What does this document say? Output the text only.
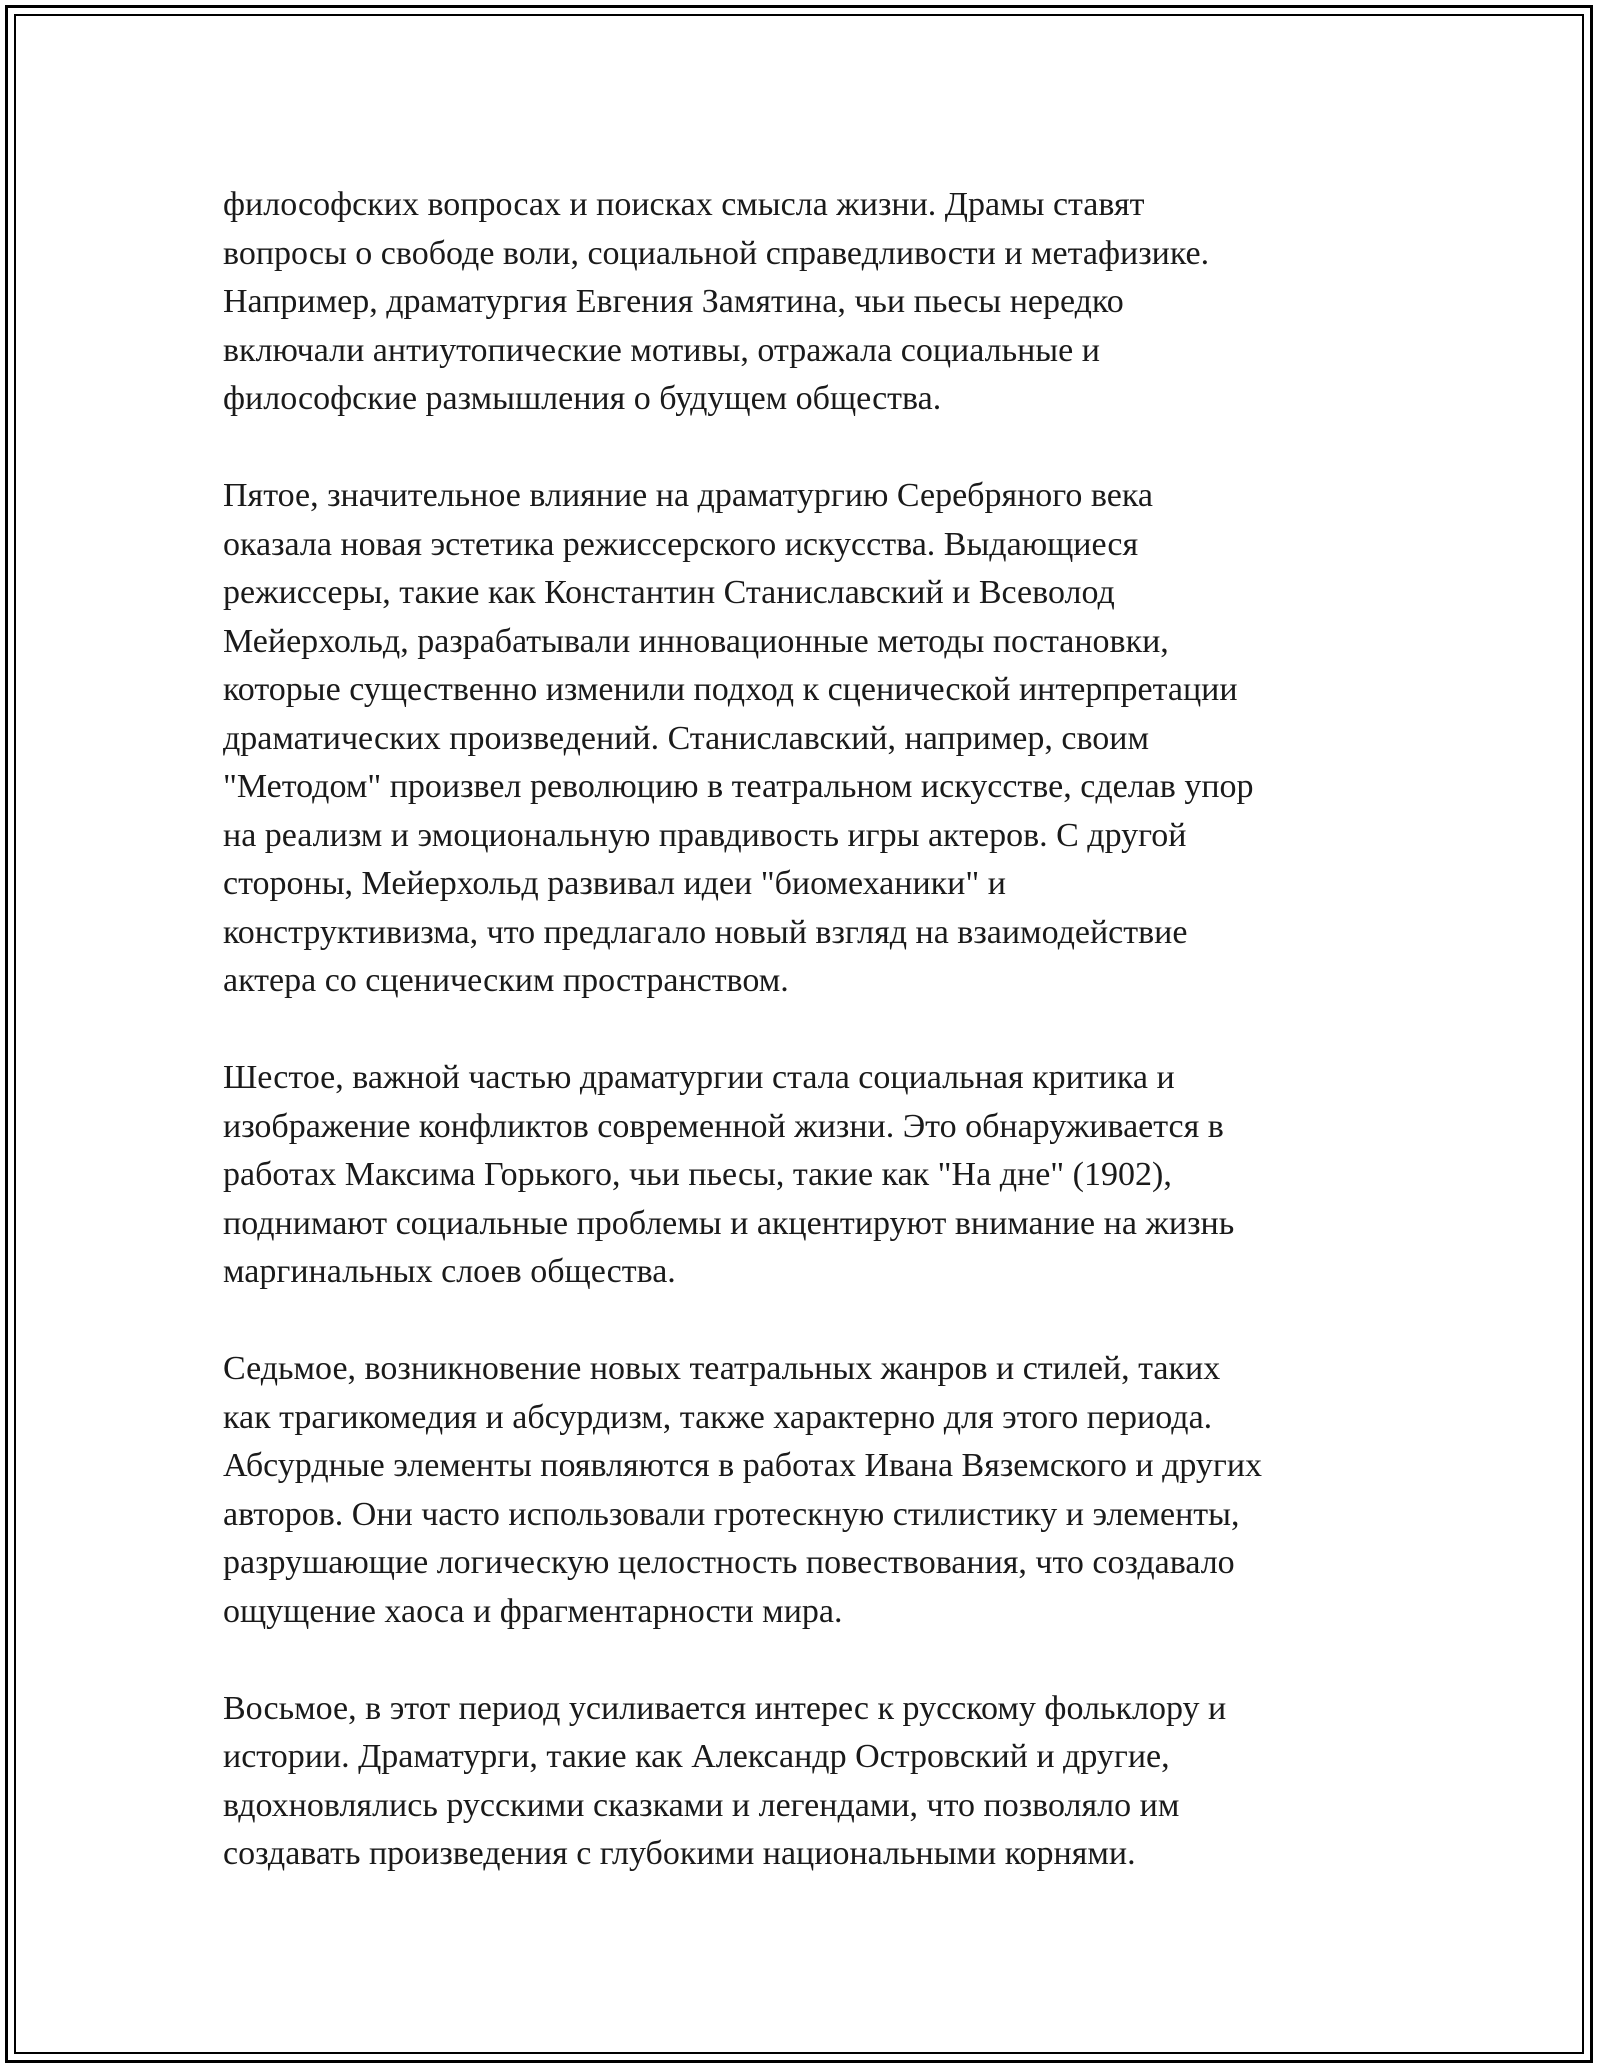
философских вопросах и поисках смысла жизни. Драмы ставят
вопросы о свободе воли, социальной справедливости и метафизике.
Например, драматургия Евгения Замятина, чьи пьесы нередко
включали антиутопические мотивы, отражала социальные и
философские размышления о будущем общества.
Пятое, значительное влияние на драматургию Серебряного века
оказала новая эстетика режиссерского искусства. Выдающиеся
режиссеры, такие как Константин Станиславский и Всеволод
Мейерхольд, разрабатывали инновационные методы постановки,
которые существенно изменили подход к сценической интерпретации
драматических произведений. Станиславский, например, своим
"Методом" произвел революцию в театральном искусстве, сделав упор
на реализм и эмоциональную правдивость игры актеров. С другой
стороны, Мейерхольд развивал идеи "биомеханики" и
конструктивизма, что предлагало новый взгляд на взаимодействие
актера со сценическим пространством.
Шестое, важной частью драматургии стала социальная критика и
изображение конфликтов современной жизни. Это обнаруживается в
работах Максима Горького, чьи пьесы, такие как "На дне" (1902),
поднимают социальные проблемы и акцентируют внимание на жизнь
маргинальных слоев общества.
Седьмое, возникновение новых театральных жанров и стилей, таких
как трагикомедия и абсурдизм, также характерно для этого периода.
Абсурдные элементы появляются в работах Ивана Вяземского и других
авторов. Они часто использовали гротескную стилистику и элементы,
разрушающие логическую целостность повествования, что создавало
ощущение хаоса и фрагментарности мира.
Восьмое, в этот период усиливается интерес к русскому фольклору и
истории. Драматурги, такие как Александр Островский и другие,
вдохновлялись русскими сказками и легендами, что позволяло им
создавать произведения с глубокими национальными корнями.
